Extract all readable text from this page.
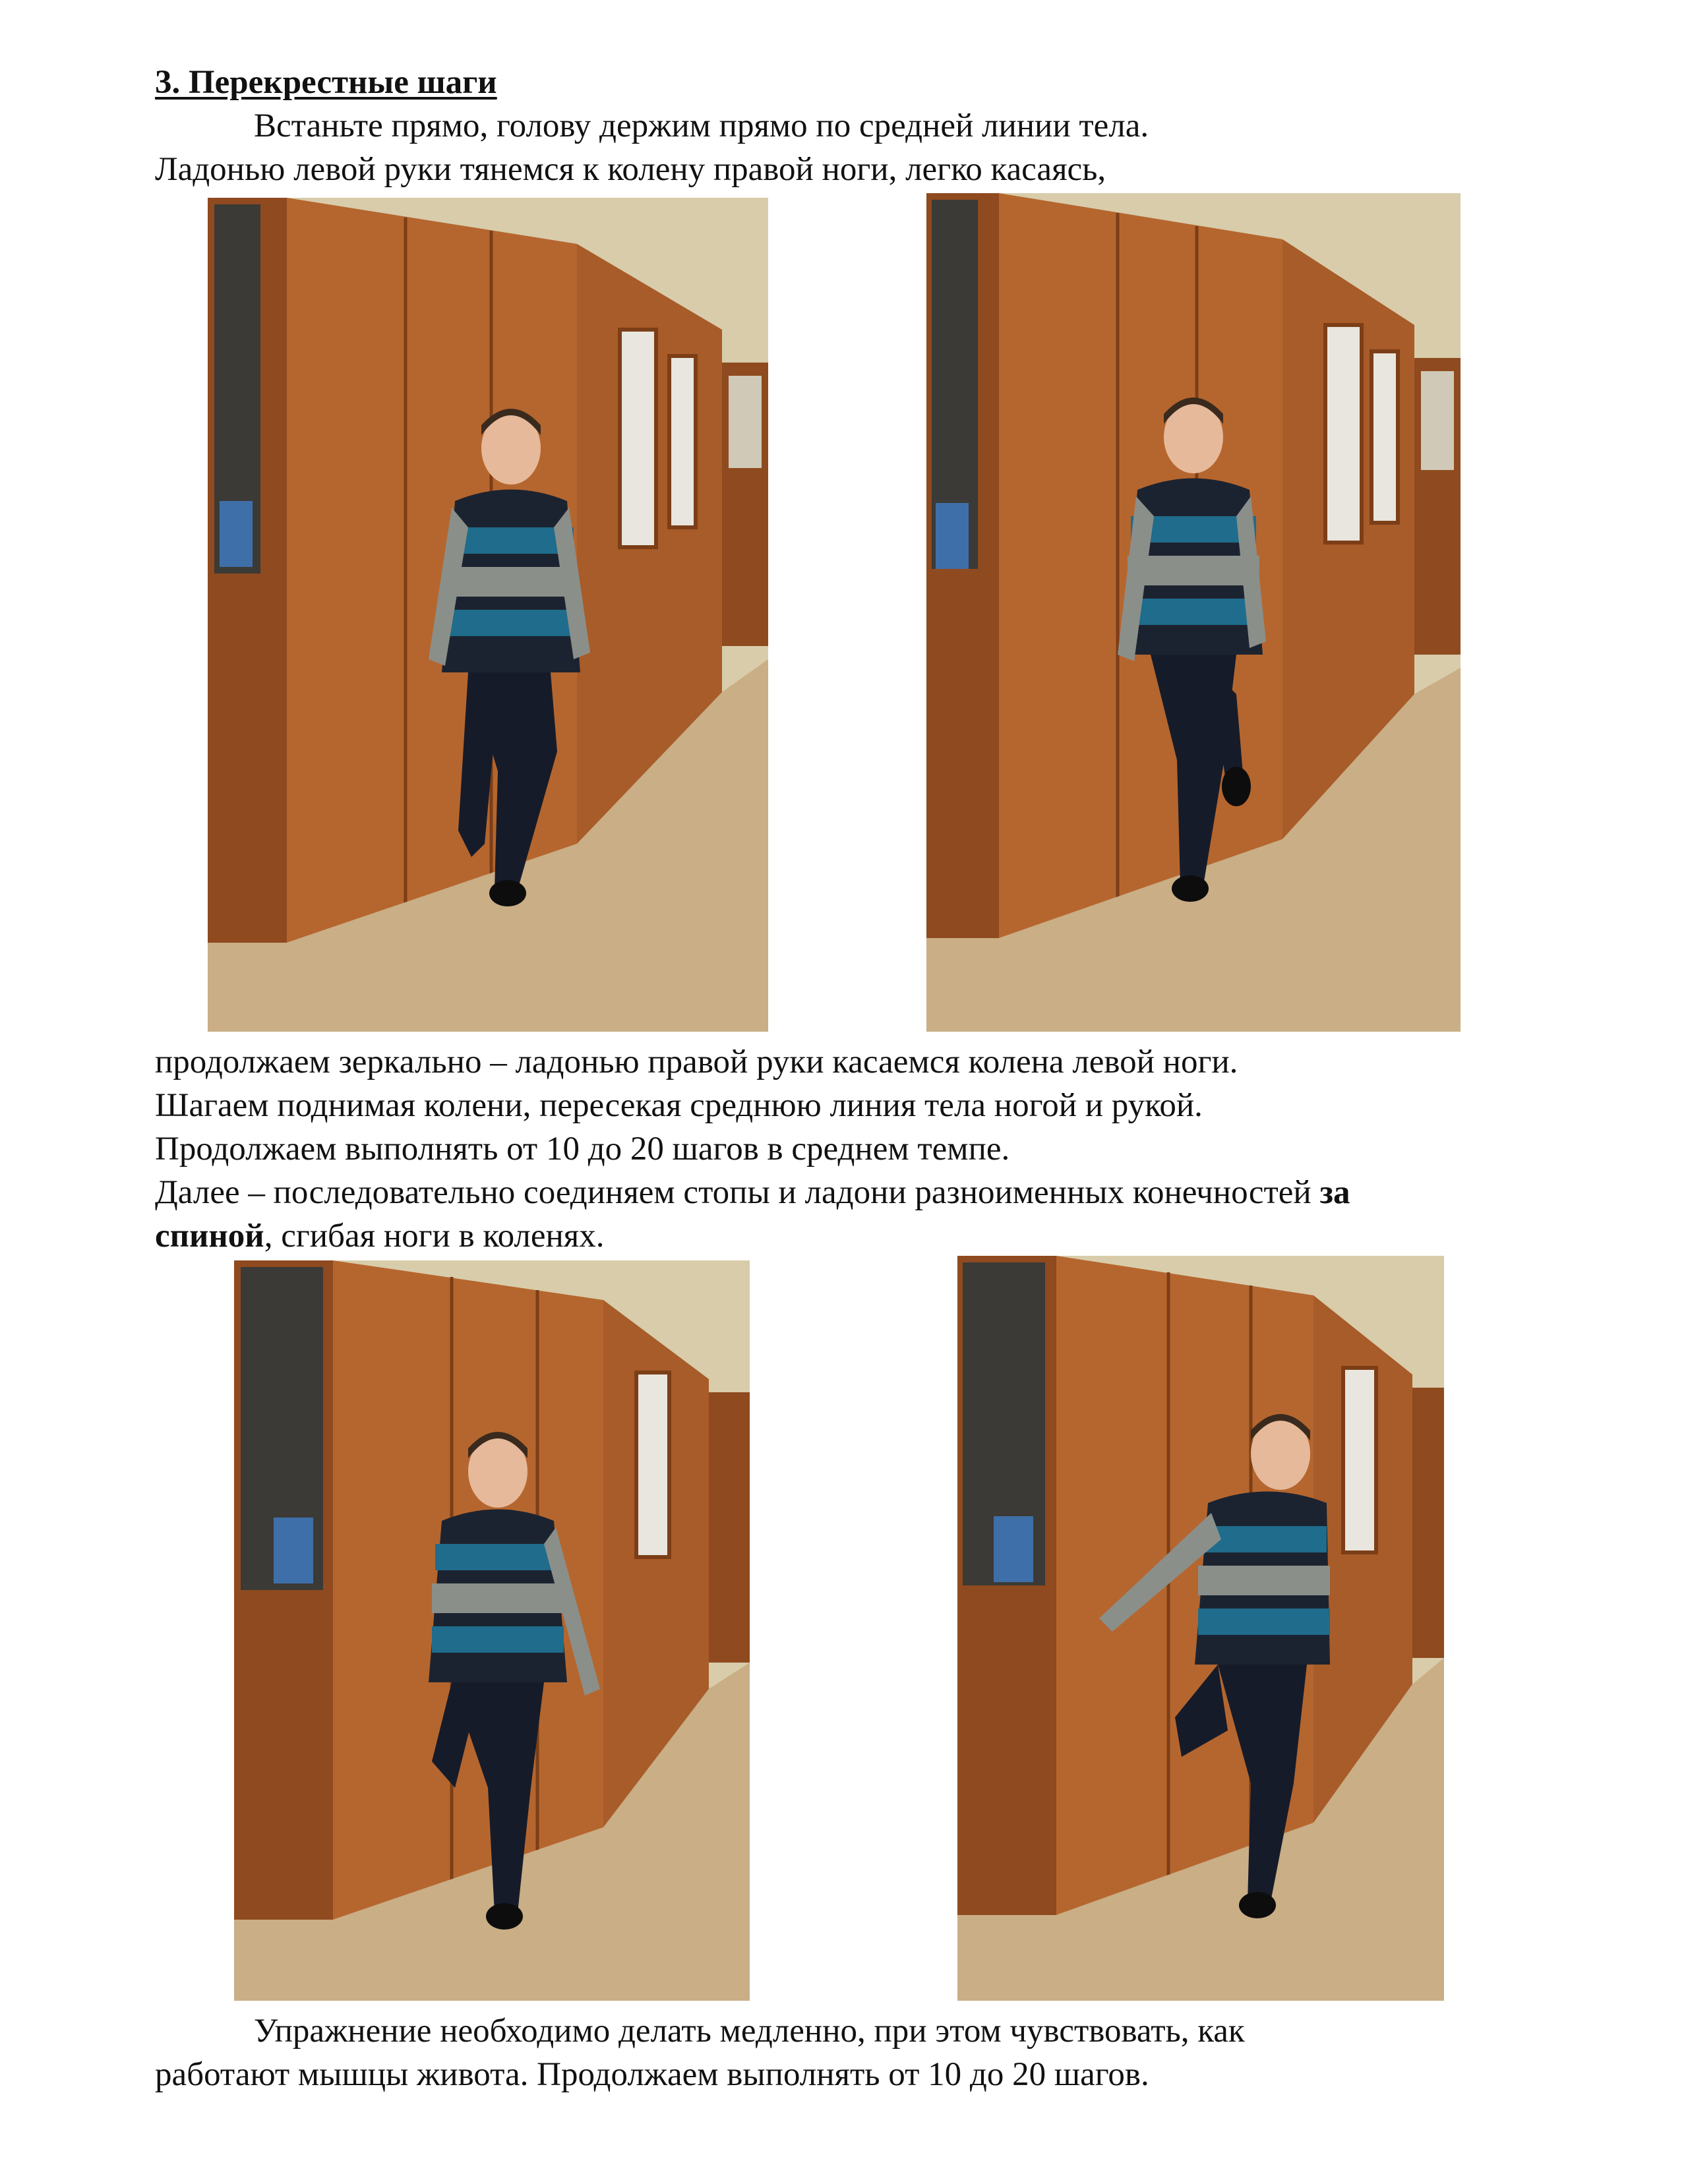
3. Перекрестные шаги

Встаньте прямо, голову держим прямо по средней линии тела.

Ладонью левой руки тянемся к колену правой ноги, легко касаясь,

продолжаем зеркально – ладонью правой руки касаемся колена левой ноги.

Шагаем поднимая колени, пересекая среднюю линия тела ногой и рукой.

Продолжаем выполнять от 10 до 20 шагов в среднем темпе.

Далее – последовательно соединяем стопы и ладони разноименных конечностей за

спиной, сгибая ноги в коленях.

Упражнение необходимо делать медленно, при этом чувствовать, как

работают мышцы живота. Продолжаем выполнять от 10 до 20 шагов.
